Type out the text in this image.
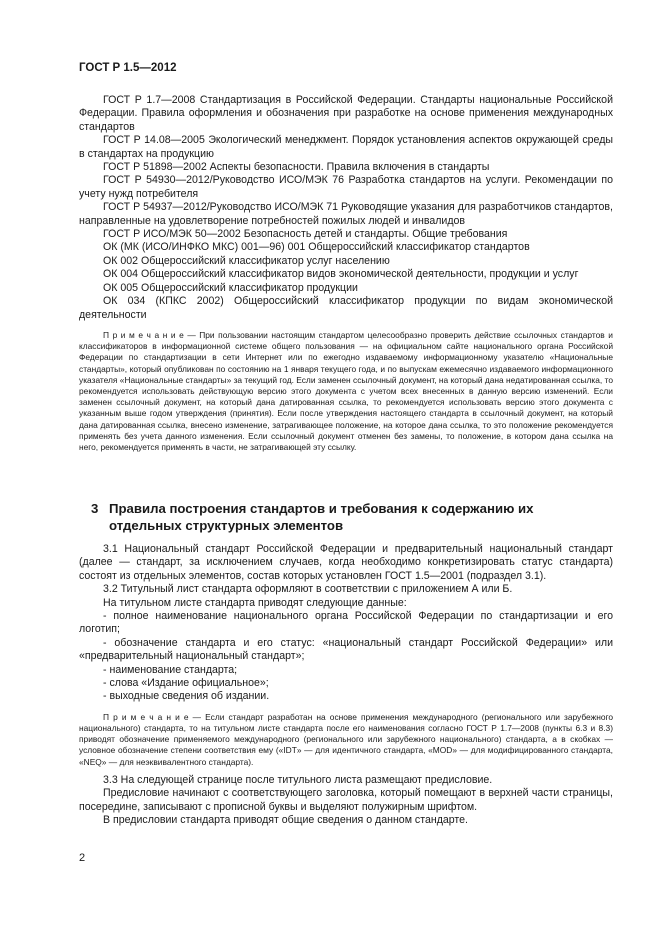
ГОСТ Р 1.5—2012

ГОСТ Р 1.7—2008 Стандартизация в Российской Федерации. Стандарты национальные Российской Федерации. Правила оформления и обозначения при разработке на основе применения международных стандартов

ГОСТ Р 14.08—2005 Экологический менеджмент. Порядок установления аспектов окружающей среды в стандартах на продукцию

ГОСТ Р 51898—2002 Аспекты безопасности. Правила включения в стандарты

ГОСТ Р 54930—2012/Руководство ИСО/МЭК 76 Разработка стандартов на услуги. Рекомендации по учету нужд потребителя

ГОСТ Р 54937—2012/Руководство ИСО/МЭК 71 Руководящие указания для разработчиков стандартов, направленные на удовлетворение потребностей пожилых людей и инвалидов

ГОСТ Р ИСО/МЭК 50—2002 Безопасность детей и стандарты. Общие требования

ОК (МК (ИСО/ИНФКО МКС) 001—96) 001 Общероссийский классификатор стандартов

ОК 002 Общероссийский классификатор услуг населению

ОК 004 Общероссийский классификатор видов экономической деятельности, продукции и услуг

ОК 005 Общероссийский классификатор продукции

ОК 034 (КПКС 2002) Общероссийский классификатор продукции по видам экономической деятельности

П р и м е ч а н и е — При пользовании настоящим стандартом целесообразно проверить действие ссылочных стандартов и классификаторов в информационной системе общего пользования — на официальном сайте национального органа Российской Федерации по стандартизации в сети Интернет или по ежегодно издаваемому информационному указателю «Национальные стандарты», который опубликован по состоянию на 1 января текущего года, и по выпускам ежемесячно издаваемого информационного указателя «Национальные стандарты» за текущий год. Если заменен ссылочный документ, на который дана недатированная ссылка, то рекомендуется использовать действующую версию этого документа с учетом всех внесенных в данную версию изменений. Если заменен ссылочный документ, на который дана датированная ссылка, то рекомендуется использовать версию этого документа с указанным выше годом утверждения (принятия). Если после утверждения настоящего стандарта в ссылочный документ, на который дана датированная ссылка, внесено изменение, затрагивающее положение, на которое дана ссылка, то это положение рекомендуется применять без учета данного изменения. Если ссылочный документ отменен без замены, то положение, в котором дана ссылка на него, рекомендуется применять в части, не затрагивающей эту ссылку.

3 Правила построения стандартов и требования к содержанию их отдельных структурных элементов

3.1 Национальный стандарт Российской Федерации и предварительный национальный стандарт (далее — стандарт, за исключением случаев, когда необходимо конкретизировать статус стандарта) состоят из отдельных элементов, состав которых установлен ГОСТ 1.5—2001 (подраздел 3.1).

3.2 Титульный лист стандарта оформляют в соответствии с приложением А или Б.

На титульном листе стандарта приводят следующие данные:

- полное наименование национального органа Российской Федерации по стандартизации и его логотип;

- обозначение стандарта и его статус: «национальный стандарт Российской Федерации» или «предварительный национальный стандарт»;

- наименование стандарта;

- слова «Издание официальное»;

- выходные сведения об издании.

П р и м е ч а н и е — Если стандарт разработан на основе применения международного (регионального или зарубежного национального) стандарта, то на титульном листе стандарта после его наименования согласно ГОСТ Р 1.7—2008 (пункты 6.3 и 8.3) приводят обозначение применяемого международного (регионального или зарубежного национального) стандарта, а в скобках — условное обозначение степени соответствия ему («IDT» — для идентичного стандарта, «MOD» — для модифицированного стандарта, «NEQ» — для неэквивалентного стандарта).

3.3 На следующей странице после титульного листа размещают предисловие.

Предисловие начинают с соответствующего заголовка, который помещают в верхней части страницы, посередине, записывают с прописной буквы и выделяют полужирным шрифтом.

В предисловии стандарта приводят общие сведения о данном стандарте.

2
